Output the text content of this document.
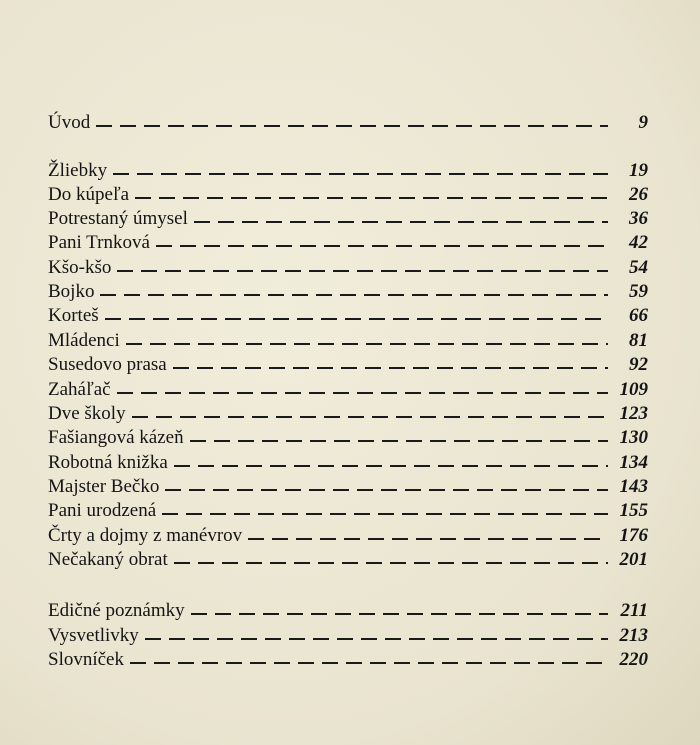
Úvod	9
Žliebky	19
Do kúpeľa	26
Potrestaný úmysel	36
Pani Trnková	42
Kšo-kšo	54
Bojko	59
Korteš	66
Mládenci	81
Susedovo prasa	92
Zaháľač	109
Dve školy	123
Fašiangová kázeň	130
Robotná knižka	134
Majster Bečko	143
Pani urodzená	155
Črty a dojmy z manévrov	176
Nečakaný obrat	201
Edičné poznámky	211
Vysvetlivky	213
Slovníček	220
